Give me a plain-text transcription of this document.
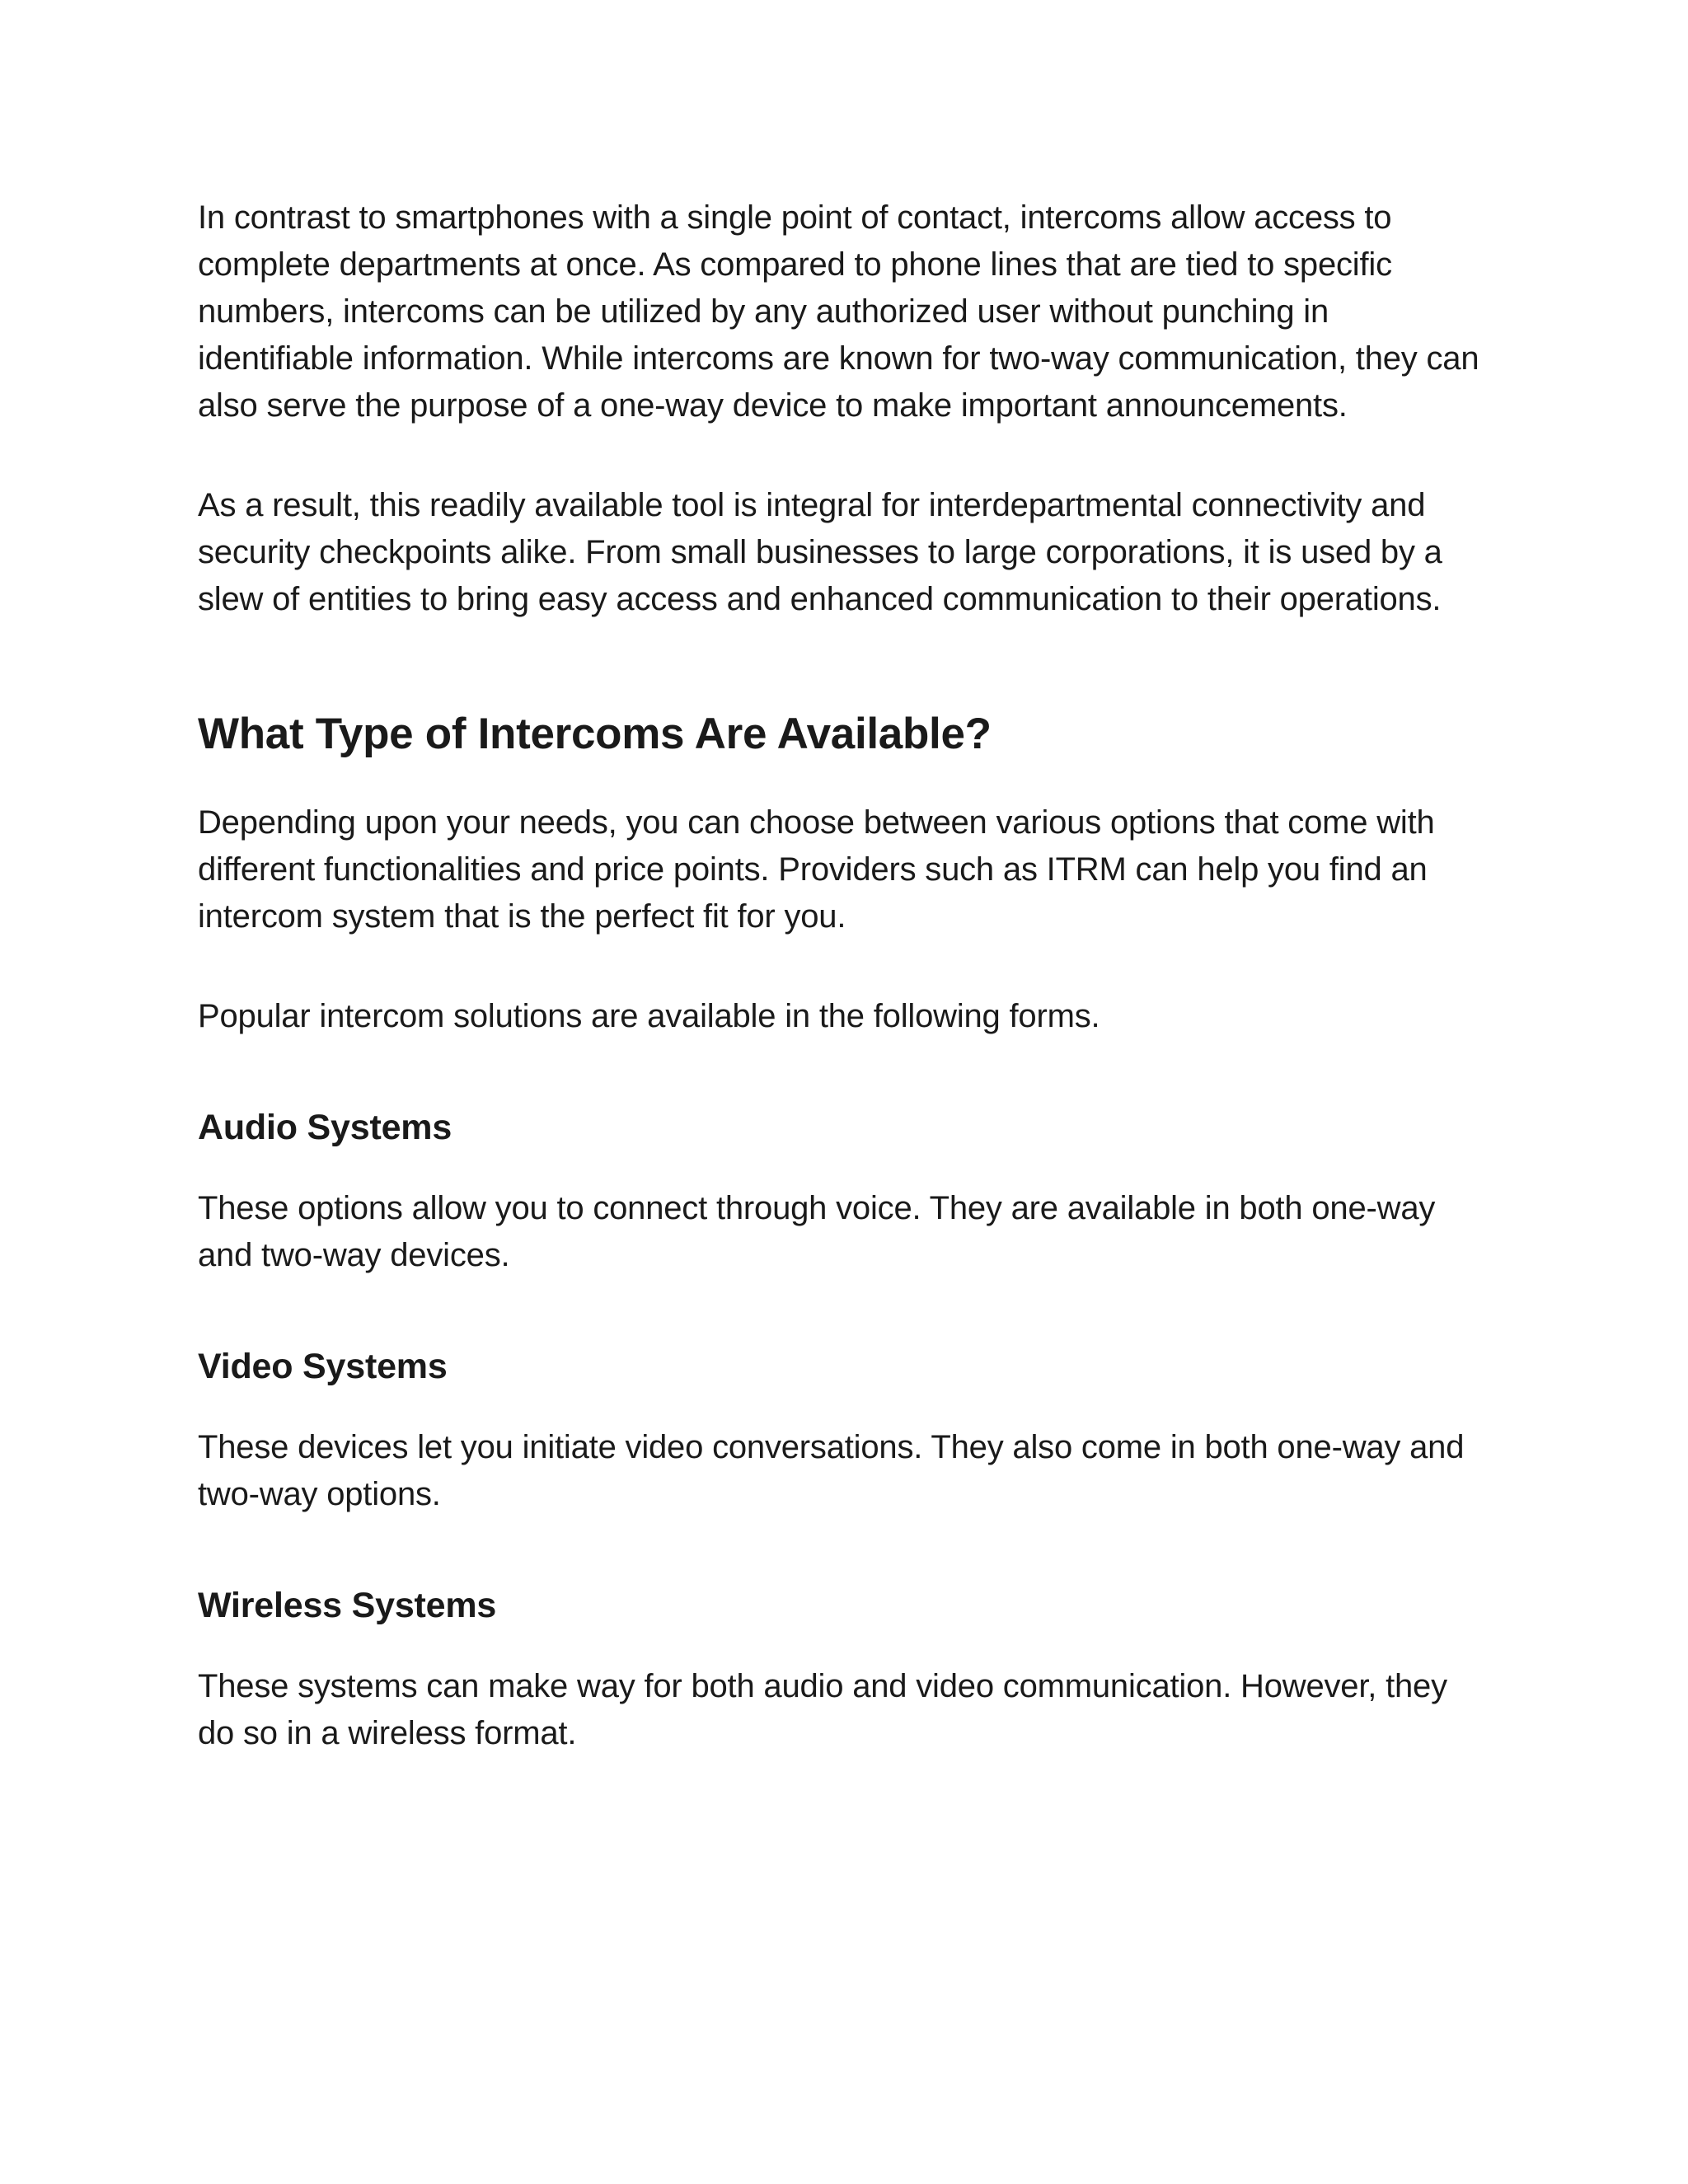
In contrast to smartphones with a single point of contact, intercoms allow access to complete departments at once. As compared to phone lines that are tied to specific numbers, intercoms can be utilized by any authorized user without punching in identifiable information. While intercoms are known for two-way communication, they can also serve the purpose of a one-way device to make important announcements.

As a result, this readily available tool is integral for interdepartmental connectivity and security checkpoints alike. From small businesses to large corporations, it is used by a slew of entities to bring easy access and enhanced communication to their operations.

What Type of Intercoms Are Available?

Depending upon your needs, you can choose between various options that come with different functionalities and price points. Providers such as ITRM can help you find an intercom system that is the perfect fit for you.

Popular intercom solutions are available in the following forms.

Audio Systems

These options allow you to connect through voice. They are available in both one-way and two-way devices.

Video Systems

These devices let you initiate video conversations. They also come in both one-way and two-way options.

Wireless Systems

These systems can make way for both audio and video communication. However, they do so in a wireless format.
